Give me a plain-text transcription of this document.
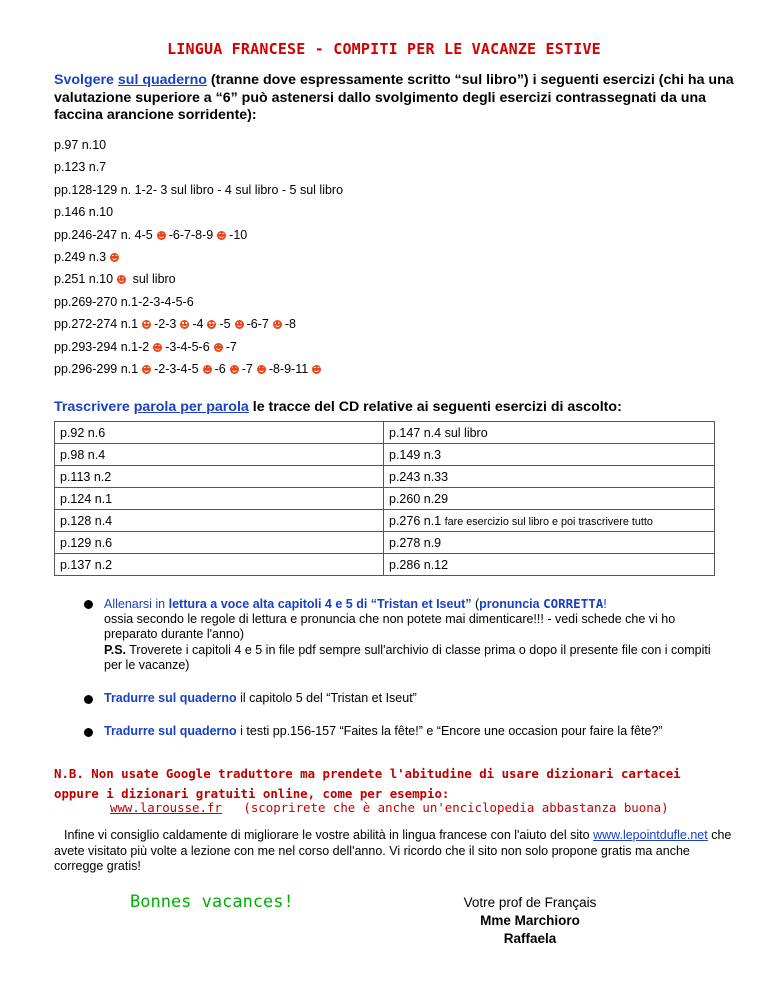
LINGUA FRANCESE - COMPITI PER LE VACANZE ESTIVE
Svolgere sul quaderno (tranne dove espressamente scritto “sul libro”) i seguenti esercizi (chi ha una valutazione superiore a “6” può astenersi dallo svolgimento degli esercizi contrassegnati da una faccina arancione sorridente):
p.97 n.10
p.123 n.7
pp.128-129 n. 1-2- 3 sul libro - 4 sul libro - 5 sul libro
p.146 n.10
pp.246-247 n. 4-5 -6-7-8-9 -10
p.249 n.3
p.251 n.10 sul libro
pp.269-270 n.1-2-3-4-5-6
pp.272-274 n.1 -2-3 -4 -5 -6-7 -8
pp.293-294 n.1-2 -3-4-5-6 -7
pp.296-299 n.1 -2-3-4-5 -6 -7 -8-9-11
Trascrivere parola per parola le tracce del CD relative ai seguenti esercizi di ascolto:
p.92 n.6	p.147 n.4 sul libro
p.98 n.4	p.149 n.3
p.113 n.2	p.243 n.33
p.124 n.1	p.260 n.29
p.128 n.4	p.276 n.1 fare esercizio sul libro e poi trascrivere tutto
p.129 n.6	p.278 n.9
p.137 n.2	p.286 n.12
Allenarsi in lettura a voce alta capitoli 4 e 5 di “Tristan et Iseut” (pronuncia CORRETTA!
ossia secondo le regole di lettura e pronuncia che non potete mai dimenticare!!! - vedi schede che vi ho preparato durante l'anno)
P.S. Troverete i capitoli 4 e 5 in file pdf sempre sull'archivio di classe prima o dopo il presente file con i compiti per le vacanze)
Tradurre sul quaderno il capitolo 5 del “Tristan et Iseut”
Tradurre sul quaderno i testi pp.156-157 “Faites la fête!” e “Encore une occasion pour faire la fête?”
N.B. Non usate Google traduttore ma prendete l'abitudine di usare dizionari cartacei oppure i dizionari gratuiti online, come per esempio:
www.larousse.fr (scoprirete che è anche un'enciclopedia abbastanza buona)
Infine vi consiglio caldamente di migliorare le vostre abilità in lingua francese con l'aiuto del sito www.lepointdufle.net che avete visitato più volte a lezione con me nel corso dell'anno. Vi ricordo che il sito non solo propone gratis ma anche corregge gratis!
Bonnes vacances!	Votre prof de Français
Mme Marchioro Raffaela
